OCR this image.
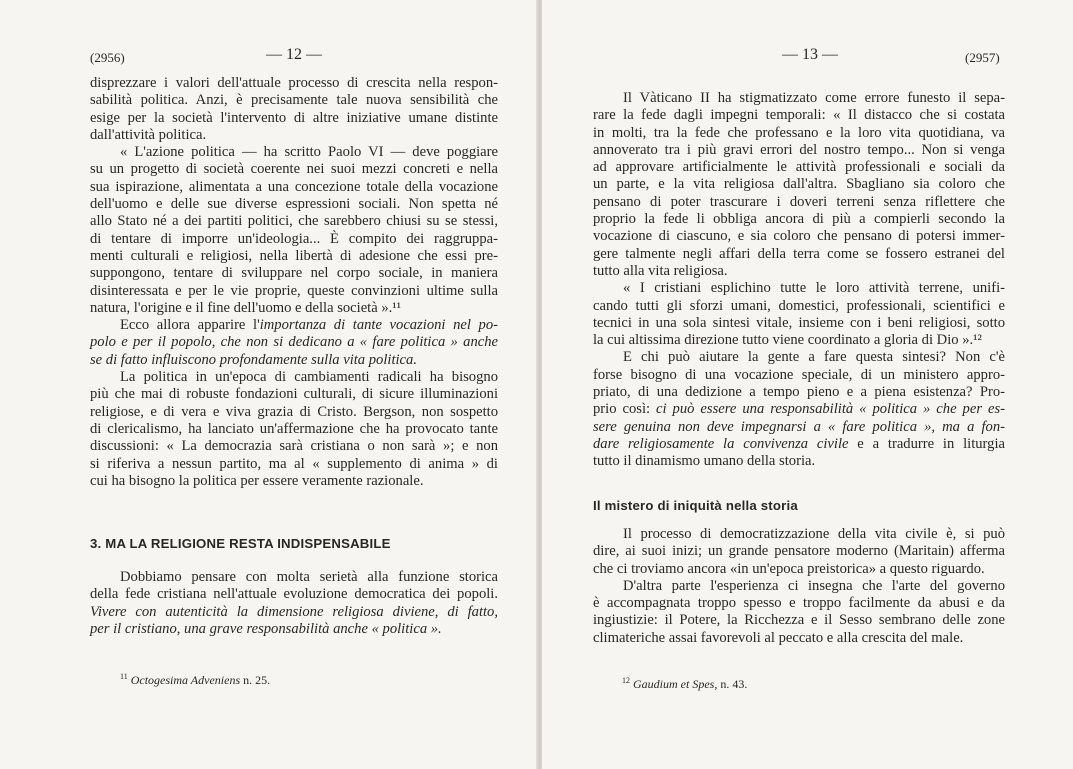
(2956)	— 12 —
disprezzare i valori dell'attuale processo di crescita nella respon-
sabilità politica. Anzi, è precisamente tale nuova sensibilità che
esige per la società l'intervento di altre iniziative umane distinte
dall'attività politica.
« L'azione politica — ha scritto Paolo VI — deve poggiare
su un progetto di società coerente nei suoi mezzi concreti e nella
sua ispirazione, alimentata a una concezione totale della vocazione
dell'uomo e delle sue diverse espressioni sociali. Non spetta né
allo Stato né a dei partiti politici, che sarebbero chiusi su se stessi,
di tentare di imporre un'ideologia... È compito dei raggruppa-
menti culturali e religiosi, nella libertà di adesione che essi pre-
suppongono, tentare di sviluppare nel corpo sociale, in maniera
disinteressata e per le vie proprie, queste convinzioni ultime sulla
natura, l'origine e il fine dell'uomo e della società ».¹¹
Ecco allora apparire l'importanza di tante vocazioni nel po-
polo e per il popolo, che non si dedicano a « fare politica » anche
se di fatto influiscono profondamente sulla vita politica.
La politica in un'epoca di cambiamenti radicali ha bisogno
più che mai di robuste fondazioni culturali, di sicure illuminazioni
religiose, e di vera e viva grazia di Cristo. Bergson, non sospetto
di clericalismo, ha lanciato un'affermazione che ha provocato tante
discussioni: « La democrazia sarà cristiana o non sarà »; e non
si riferiva a nessun partito, ma al « supplemento di anima » di
cui ha bisogno la politica per essere veramente razionale.
3. MA LA RELIGIONE RESTA INDISPENSABILE
Dobbiamo pensare con molta serietà alla funzione storica
della fede cristiana nell'attuale evoluzione democratica dei popoli.
Vivere con autenticità la dimensione religiosa diviene, di fatto,
per il cristiano, una grave responsabilità anche « politica ».
$^{11}$ Octogesima Adveniens n. 25.
— 13 —	(2957)
Il Vàticano II ha stigmatizzato come errore funesto il sepa-
rare la fede dagli impegni temporali: « Il distacco che si costata
in molti, tra la fede che professano e la loro vita quotidiana, va
annoverato tra i più gravi errori del nostro tempo... Non si venga
ad approvare artificialmente le attività professionali e sociali da
un parte, e la vita religiosa dall'altra. Sbagliano sia coloro che
pensano di poter trascurare i doveri terreni senza riflettere che
proprio la fede li obbliga ancora di più a compierli secondo la
vocazione di ciascuno, e sia coloro che pensano di potersi immer-
gere talmente negli affari della terra come se fossero estranei del
tutto alla vita religiosa.
« I cristiani esplichino tutte le loro attività terrene, unifi-
cando tutti gli sforzi umani, domestici, professionali, scientifici e
tecnici in una sola sintesi vitale, insieme con i beni religiosi, sotto
la cui altissima direzione tutto viene coordinato a gloria di Dio ».¹²
E chi può aiutare la gente a fare questa sintesi? Non c'è
forse bisogno di una vocazione speciale, di un ministero appro-
priato, di una dedizione a tempo pieno e a piena esistenza? Pro-
prio così: ci può essere una responsabilità « politica » che per es-
sere genuina non deve impegnarsi a « fare politica », ma a fon-
dare religiosamente la convivenza civile e a tradurre in liturgia
tutto il dinamismo umano della storia.
Il mistero di iniquità nella storia
Il processo di democratizzazione della vita civile è, si può
dire, ai suoi inizi; un grande pensatore moderno (Maritain) afferma
che ci troviamo ancora «in un'epoca preistorica» a questo riguardo.
D'altra parte l'esperienza ci insegna che l'arte del governo
è accompagnata troppo spesso e troppo facilmente da abusi e da
ingiustizie: il Potere, la Ricchezza e il Sesso sembrano delle zone
climateriche assai favorevoli al peccato e alla crescita del male.
$^{12}$ Gaudium et Spes, n. 43.
